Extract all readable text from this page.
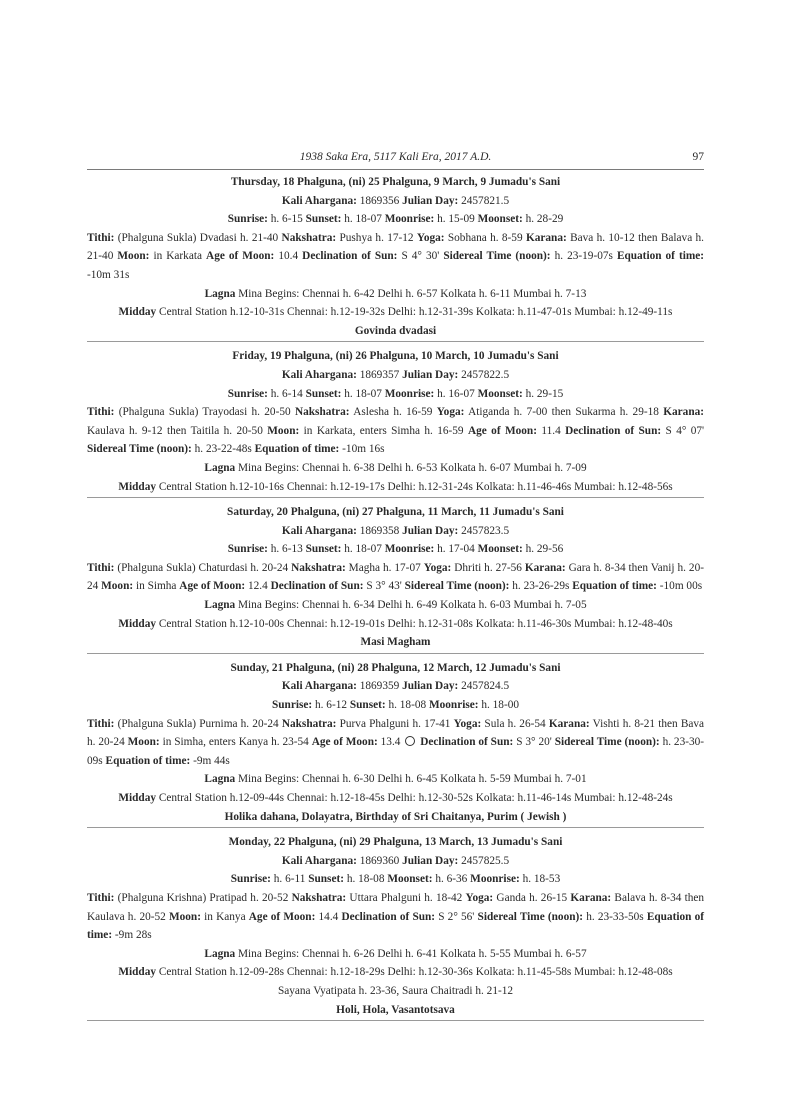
1938 Saka Era, 5117 Kali Era, 2017 A.D.	97
Thursday, 18 Phalguna, (ni) 25 Phalguna, 9 March, 9 Jumadu's Sani
Kali Ahargana: 1869356 Julian Day: 2457821.5
Sunrise: h. 6-15 Sunset: h. 18-07 Moonrise: h. 15-09 Moonset: h. 28-29
Tithi: (Phalguna Sukla) Dvadasi h. 21-40 Nakshatra: Pushya h. 17-12 Yoga: Sobhana h. 8-59 Karana: Bava h. 10-12 then Balava h. 21-40 Moon: in Karkata Age of Moon: 10.4 Declination of Sun: S 4° 30' Sidereal Time (noon): h. 23-19-07s Equation of time: -10m 31s
Lagna Mina Begins: Chennai h. 6-42 Delhi h. 6-57 Kolkata h. 6-11 Mumbai h. 7-13
Midday Central Station h.12-10-31s Chennai: h.12-19-32s Delhi: h.12-31-39s Kolkata: h.11-47-01s Mumbai: h.12-49-11s
Govinda dvadasi
Friday, 19 Phalguna, (ni) 26 Phalguna, 10 March, 10 Jumadu's Sani
Kali Ahargana: 1869357 Julian Day: 2457822.5
Sunrise: h. 6-14 Sunset: h. 18-07 Moonrise: h. 16-07 Moonset: h. 29-15
Tithi: (Phalguna Sukla) Trayodasi h. 20-50 Nakshatra: Aslesha h. 16-59 Yoga: Atiganda h. 7-00 then Sukarma h. 29-18 Karana: Kaulava h. 9-12 then Taitila h. 20-50 Moon: in Karkata, enters Simha h. 16-59 Age of Moon: 11.4 Declination of Sun: S 4° 07' Sidereal Time (noon): h. 23-22-48s Equation of time: -10m 16s
Lagna Mina Begins: Chennai h. 6-38 Delhi h. 6-53 Kolkata h. 6-07 Mumbai h. 7-09
Midday Central Station h.12-10-16s Chennai: h.12-19-17s Delhi: h.12-31-24s Kolkata: h.11-46-46s Mumbai: h.12-48-56s
Saturday, 20 Phalguna, (ni) 27 Phalguna, 11 March, 11 Jumadu's Sani
Kali Ahargana: 1869358 Julian Day: 2457823.5
Sunrise: h. 6-13 Sunset: h. 18-07 Moonrise: h. 17-04 Moonset: h. 29-56
Tithi: (Phalguna Sukla) Chaturdasi h. 20-24 Nakshatra: Magha h. 17-07 Yoga: Dhriti h. 27-56 Karana: Gara h. 8-34 then Vanij h. 20-24 Moon: in Simha Age of Moon: 12.4 Declination of Sun: S 3° 43' Sidereal Time (noon): h. 23-26-29s Equation of time: -10m 00s
Lagna Mina Begins: Chennai h. 6-34 Delhi h. 6-49 Kolkata h. 6-03 Mumbai h. 7-05
Midday Central Station h.12-10-00s Chennai: h.12-19-01s Delhi: h.12-31-08s Kolkata: h.11-46-30s Mumbai: h.12-48-40s
Masi Magham
Sunday, 21 Phalguna, (ni) 28 Phalguna, 12 March, 12 Jumadu's Sani
Kali Ahargana: 1869359 Julian Day: 2457824.5
Sunrise: h. 6-12 Sunset: h. 18-08 Moonrise: h. 18-00
Tithi: (Phalguna Sukla) Purnima h. 20-24 Nakshatra: Purva Phalguni h. 17-41 Yoga: Sula h. 26-54 Karana: Vishti h. 8-21 then Bava h. 20-24 Moon: in Simha, enters Kanya h. 23-54 Age of Moon: 13.4 Declination of Sun: S 3° 20' Sidereal Time (noon): h. 23-30-09s Equation of time: -9m 44s
Lagna Mina Begins: Chennai h. 6-30 Delhi h. 6-45 Kolkata h. 5-59 Mumbai h. 7-01
Midday Central Station h.12-09-44s Chennai: h.12-18-45s Delhi: h.12-30-52s Kolkata: h.11-46-14s Mumbai: h.12-48-24s
Holika dahana, Dolayatra, Birthday of Sri Chaitanya, Purim ( Jewish )
Monday, 22 Phalguna, (ni) 29 Phalguna, 13 March, 13 Jumadu's Sani
Kali Ahargana: 1869360 Julian Day: 2457825.5
Sunrise: h. 6-11 Sunset: h. 18-08 Moonset: h. 6-36 Moonrise: h. 18-53
Tithi: (Phalguna Krishna) Pratipad h. 20-52 Nakshatra: Uttara Phalguni h. 18-42 Yoga: Ganda h. 26-15 Karana: Balava h. 8-34 then Kaulava h. 20-52 Moon: in Kanya Age of Moon: 14.4 Declination of Sun: S 2° 56' Sidereal Time (noon): h. 23-33-50s Equation of time: -9m 28s
Lagna Mina Begins: Chennai h. 6-26 Delhi h. 6-41 Kolkata h. 5-55 Mumbai h. 6-57
Midday Central Station h.12-09-28s Chennai: h.12-18-29s Delhi: h.12-30-36s Kolkata: h.11-45-58s Mumbai: h.12-48-08s
Sayana Vyatipata h. 23-36, Saura Chaitradi h. 21-12
Holi, Hola, Vasantotsava
